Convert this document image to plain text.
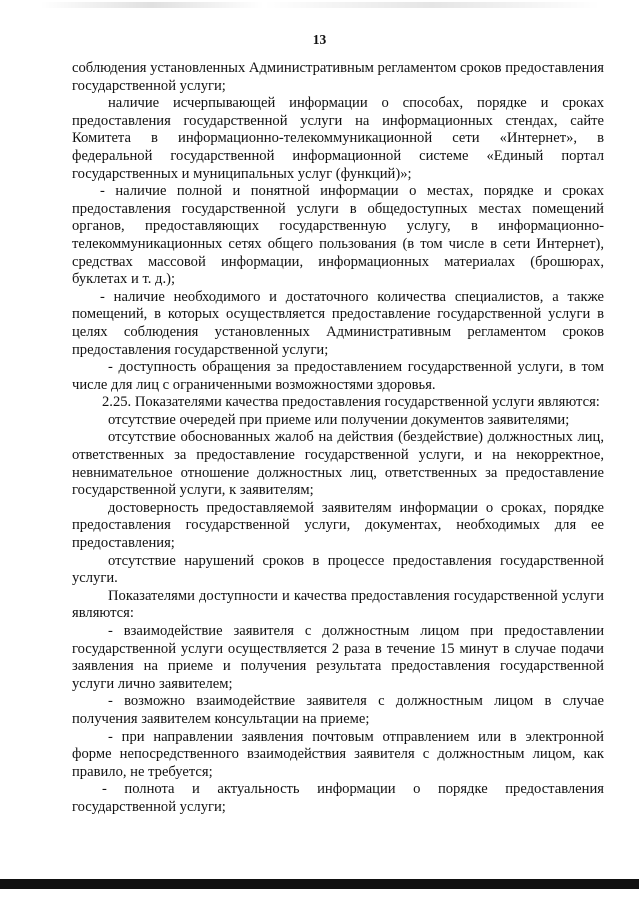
13

соблюдения установленных Административным регламентом сроков предоставления государственной услуги;

наличие исчерпывающей информации о способах, порядке и сроках предоставления государственной услуги на информационных стендах, сайте Комитета в информационно-телекоммуникационной сети «Интернет», в федеральной государственной информационной системе «Единый портал государственных и муниципальных услуг (функций)»;

- наличие полной и понятной информации о местах, порядке и сроках предоставления государственной услуги в общедоступных местах помещений органов, предоставляющих государственную услугу, в информационно-телекоммуникационных сетях общего пользования (в том числе в сети Интернет), средствах массовой информации, информационных материалах (брошюрах, буклетах и т. д.);

- наличие необходимого и достаточного количества специалистов, а также помещений, в которых осуществляется предоставление государственной услуги в целях соблюдения установленных Административным регламентом сроков предоставления государственной услуги;

- доступность обращения за предоставлением государственной услуги, в том числе для лиц с ограниченными возможностями здоровья.

2.25. Показателями качества предоставления государственной услуги являются:

отсутствие очередей при приеме или получении документов заявителями;

отсутствие обоснованных жалоб на действия (бездействие) должностных лиц, ответственных за предоставление государственной услуги, и на некорректное, невнимательное отношение должностных лиц, ответственных за предоставление государственной услуги, к заявителям;

достоверность предоставляемой заявителям информации о сроках, порядке предоставления государственной услуги, документах, необходимых для ее предоставления;

отсутствие нарушений сроков в процессе предоставления государственной услуги.

Показателями доступности и качества предоставления государственной услуги являются:

- взаимодействие заявителя с должностным лицом при предоставлении государственной услуги осуществляется 2 раза в течение 15 минут в случае подачи заявления на приеме и получения результата предоставления государственной услуги лично заявителем;

- возможно взаимодействие заявителя с должностным лицом в случае получения заявителем консультации на приеме;

- при направлении заявления почтовым отправлением или в электронной форме непосредственного взаимодействия заявителя с должностным лицом, как правило, не требуется;

- полнота и актуальность информации о порядке предоставления государственной услуги;
